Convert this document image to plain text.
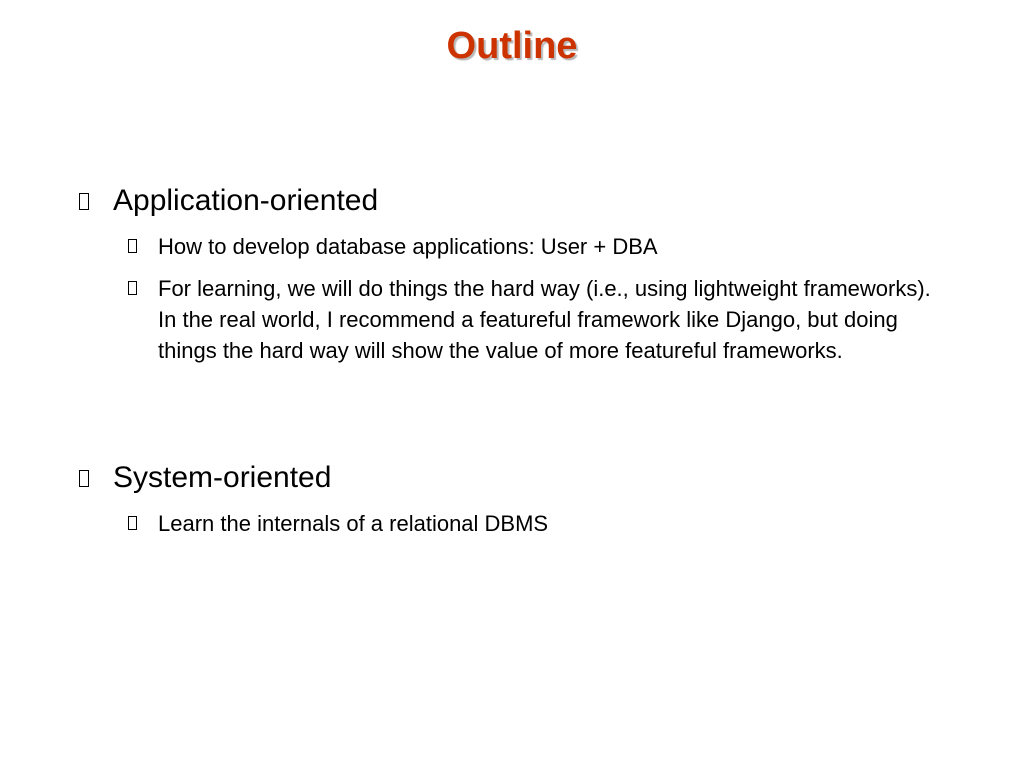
Outline
Application-oriented
How to develop database applications: User + DBA
For learning, we will do things the hard way (i.e., using lightweight frameworks). In the real world, I recommend a featureful framework like Django, but doing things the hard way will show the value of more featureful frameworks.
System-oriented
Learn the internals of a relational DBMS
